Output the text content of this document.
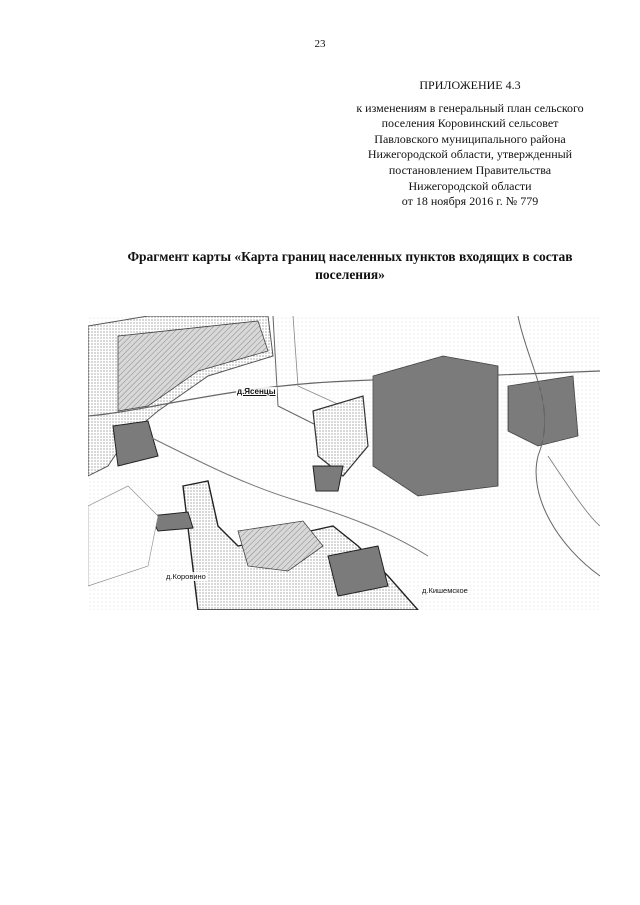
23
ПРИЛОЖЕНИЕ 4.3
к изменениям в генеральный план сельского
поселения Коровинский сельсовет
Павловского муниципального района
Нижегородской области, утвержденный
постановлением Правительства
Нижегородской области
от 18 ноября 2016 г. № 779
Фрагмент карты «Карта границ населенных пунктов входящих в состав
поселения»
д.Ясенцы
д.Коровино
д.Кишемское
